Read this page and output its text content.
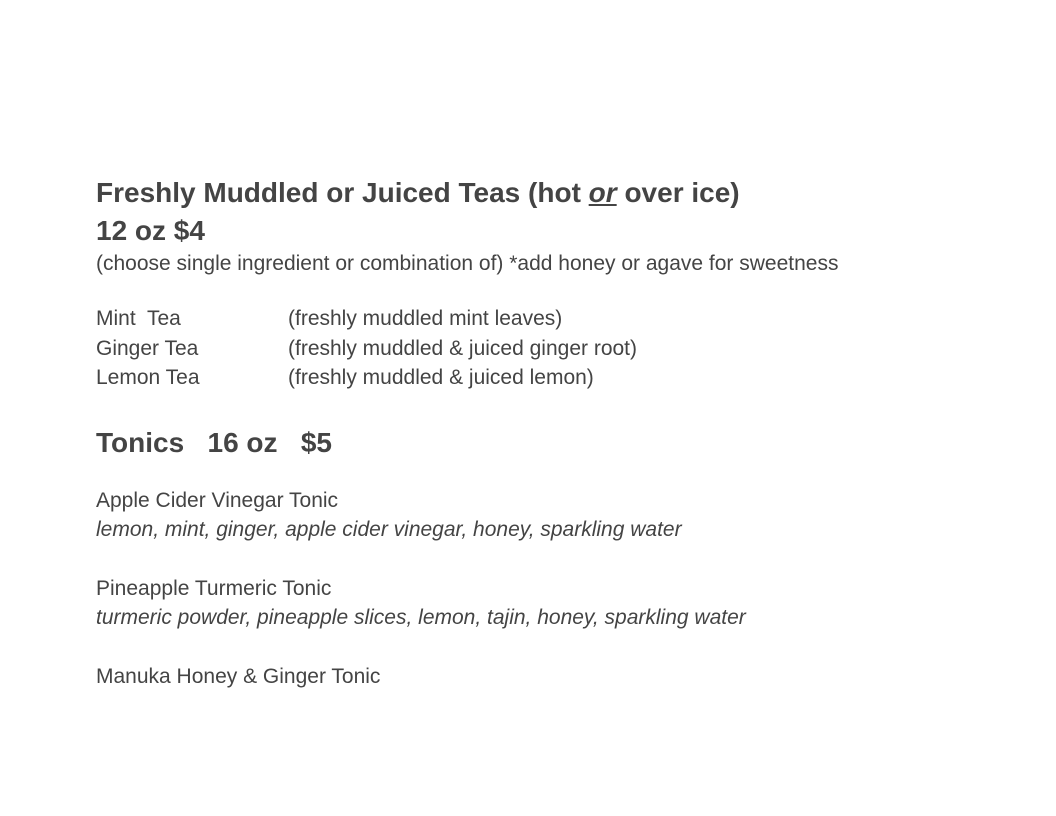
Freshly Muddled or Juiced Teas (hot or over ice)
12 oz $4
(choose single ingredient or combination of) *add honey or agave for sweetness
Mint  Tea	(freshly muddled mint leaves)
Ginger Tea	(freshly muddled & juiced ginger root)
Lemon Tea	(freshly muddled & juiced lemon)
Tonics   16 oz   $5
Apple Cider Vinegar Tonic
lemon, mint, ginger, apple cider vinegar, honey, sparkling water
Pineapple Turmeric Tonic
turmeric powder, pineapple slices, lemon, tajin, honey, sparkling water
Manuka Honey & Ginger Tonic
